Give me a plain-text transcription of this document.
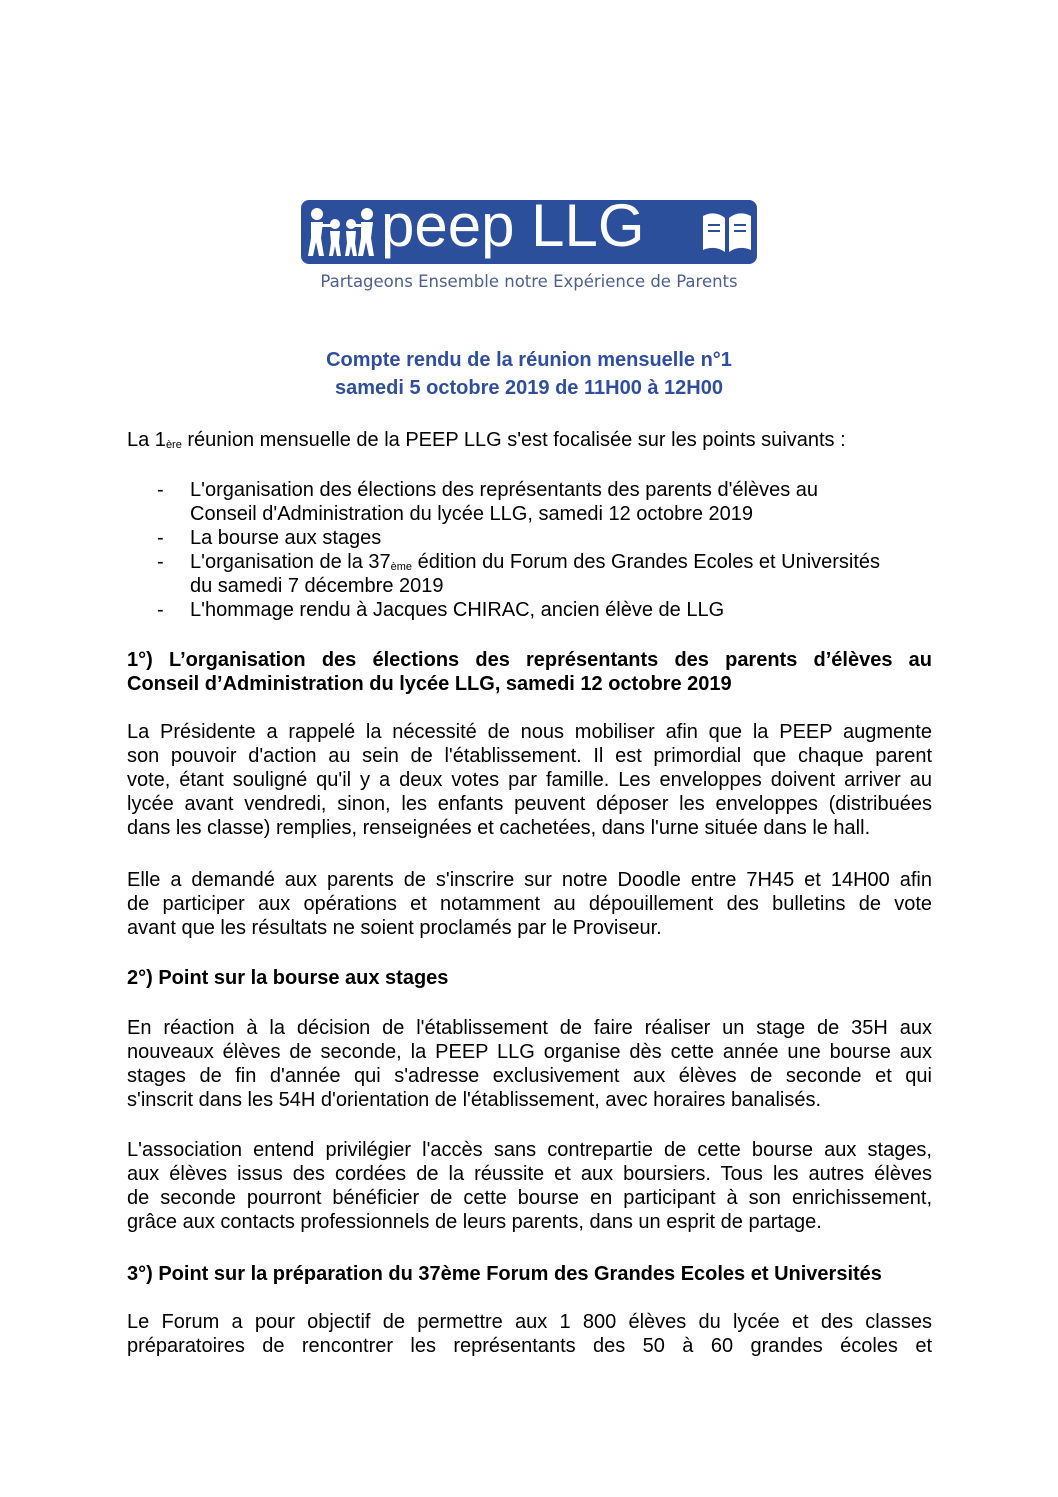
peep LLG
Partageons Ensemble notre Expérience de Parents
Compte rendu de la réunion mensuelle n°1
samedi 5 octobre 2019 de 11H00 à 12H00
La 1ère réunion mensuelle de la PEEP LLG s'est focalisée sur les points suivants :
- L'organisation des élections des représentants des parents d'élèves au
Conseil d'Administration du lycée LLG, samedi 12 octobre 2019
- La bourse aux stages
- L'organisation de la 37ème édition du Forum des Grandes Ecoles et Universités
du samedi 7 décembre 2019
- L'hommage rendu à Jacques CHIRAC, ancien élève de LLG
1°) L’organisation des élections des représentants des parents d’élèves au
Conseil d’Administration du lycée LLG, samedi 12 octobre 2019
La Présidente a rappelé la nécessité de nous mobiliser afin que la PEEP augmente
son pouvoir d'action au sein de l'établissement. Il est primordial que chaque parent
vote, étant souligné qu'il y a deux votes par famille. Les enveloppes doivent arriver au
lycée avant vendredi, sinon, les enfants peuvent déposer les enveloppes (distribuées
dans les classe) remplies, renseignées et cachetées, dans l'urne située dans le hall.
Elle a demandé aux parents de s'inscrire sur notre Doodle entre 7H45 et 14H00 afin
de participer aux opérations et notamment au dépouillement des bulletins de vote
avant que les résultats ne soient proclamés par le Proviseur.
2°) Point sur la bourse aux stages
En réaction à la décision de l'établissement de faire réaliser un stage de 35H aux
nouveaux élèves de seconde, la PEEP LLG organise dès cette année une bourse aux
stages de fin d'année qui s'adresse exclusivement aux élèves de seconde et qui
s'inscrit dans les 54H d'orientation de l'établissement, avec horaires banalisés.
L'association entend privilégier l'accès sans contrepartie de cette bourse aux stages,
aux élèves issus des cordées de la réussite et aux boursiers. Tous les autres élèves
de seconde pourront bénéficier de cette bourse en participant à son enrichissement,
grâce aux contacts professionnels de leurs parents, dans un esprit de partage.
3°) Point sur la préparation du 37ème Forum des Grandes Ecoles et Universités
Le Forum a pour objectif de permettre aux 1 800 élèves du lycée et des classes
préparatoires de rencontrer les représentants des 50 à 60 grandes écoles et
